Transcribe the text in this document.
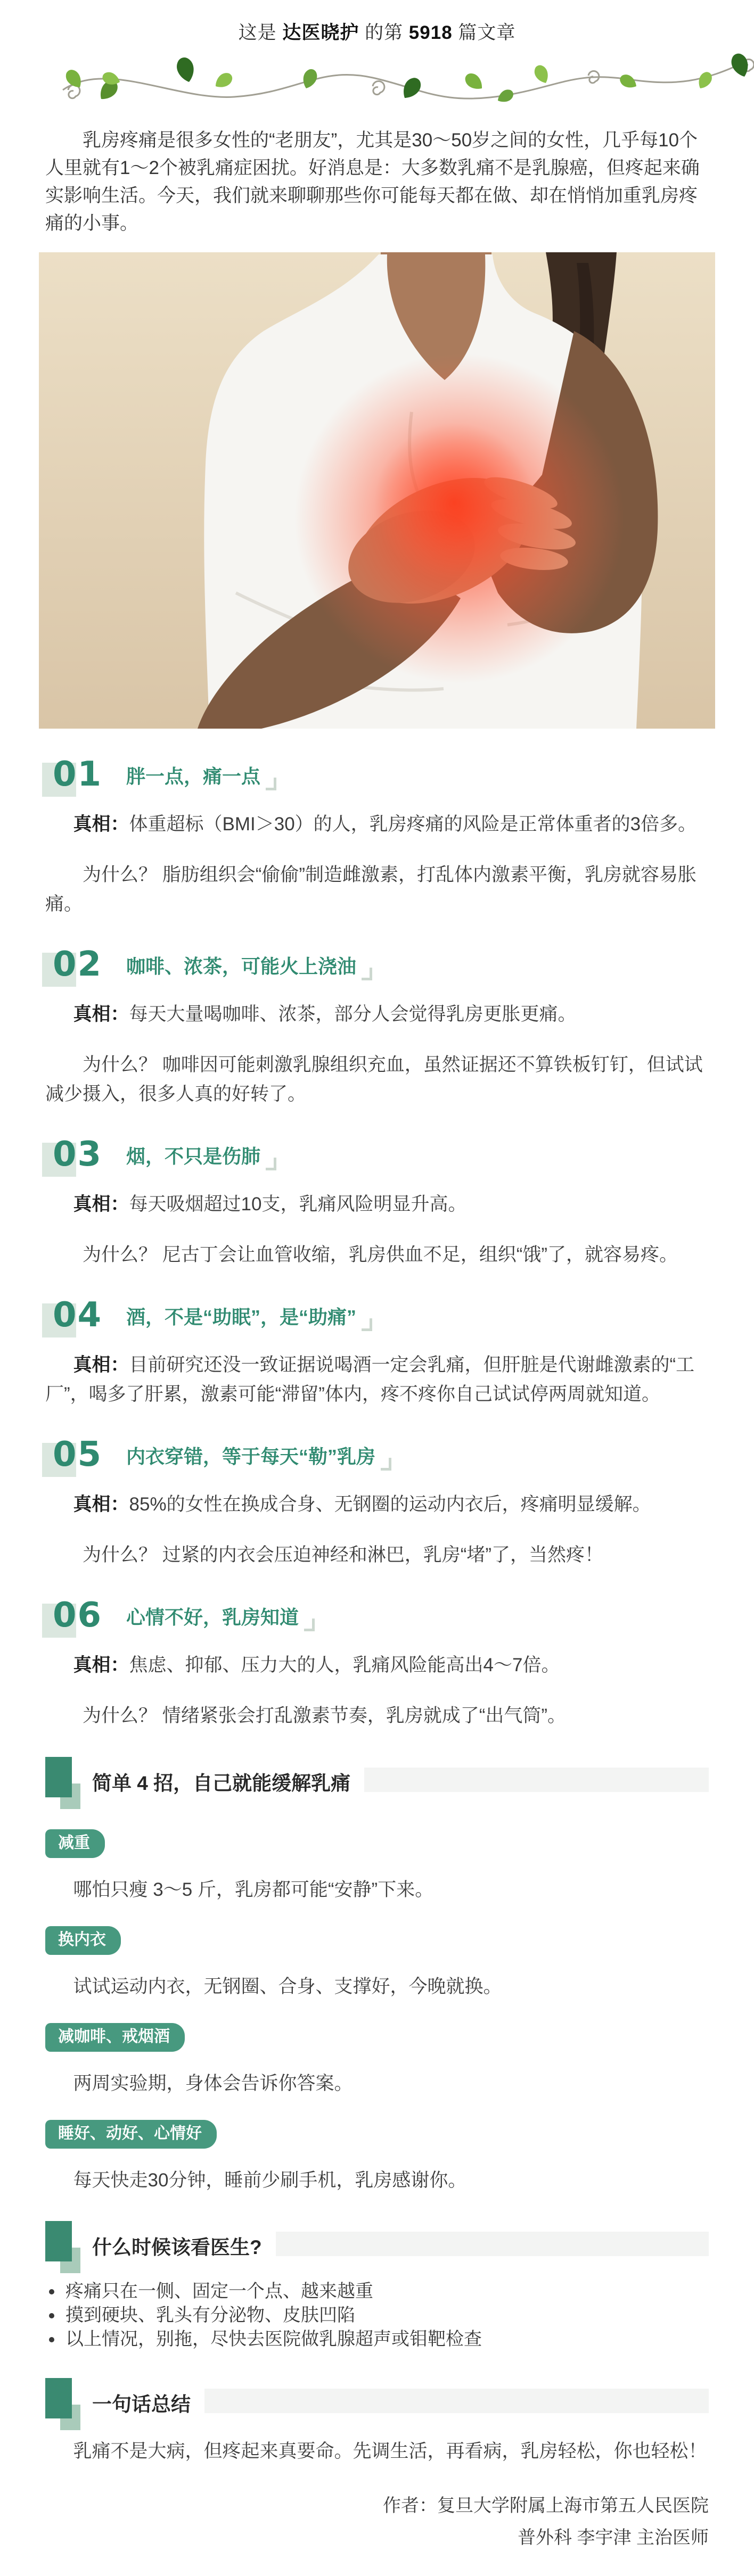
这是 达医晓护 的第 5918 篇文章

乳房疼痛是很多女性的“老朋友”，尤其是30～50岁之间的女性，几乎每10个人里就有1～2个被乳痛症困扰。好消息是：大多数乳痛不是乳腺癌，但疼起来确实影响生活。今天，我们就来聊聊那些你可能每天都在做、却在悄悄加重乳房疼痛的小事。

01 胖一点，痛一点

真相：体重超标（BMI＞30）的人，乳房疼痛的风险是正常体重者的3倍多。

为什么？ 脂肪组织会“偷偷”制造雌激素，打乱体内激素平衡，乳房就容易胀痛。

02 咖啡、浓茶，可能火上浇油

真相：每天大量喝咖啡、浓茶，部分人会觉得乳房更胀更痛。

为什么？ 咖啡因可能刺激乳腺组织充血，虽然证据还不算铁板钉钉，但试试减少摄入，很多人真的好转了。

03 烟，不只是伤肺

真相：每天吸烟超过10支，乳痛风险明显升高。

为什么？ 尼古丁会让血管收缩，乳房供血不足，组织“饿”了，就容易疼。

04 酒，不是“助眠”，是“助痛”

真相：目前研究还没一致证据说喝酒一定会乳痛，但肝脏是代谢雌激素的“工厂”，喝多了肝累，激素可能“滞留”体内，疼不疼你自己试试停两周就知道。

05 内衣穿错，等于每天“勒”乳房

真相：85%的女性在换成合身、无钢圈的运动内衣后，疼痛明显缓解。

为什么？ 过紧的内衣会压迫神经和淋巴，乳房“堵”了，当然疼！

06 心情不好，乳房知道

真相：焦虑、抑郁、压力大的人，乳痛风险能高出4～7倍。

为什么？ 情绪紧张会打乱激素节奏，乳房就成了“出气筒”。

简单 4 招，自己就能缓解乳痛
减重

哪怕只瘦 3～5 斤，乳房都可能“安静”下来。

换内衣

试试运动内衣，无钢圈、合身、支撑好，今晚就换。

减咖啡、戒烟酒

两周实验期，身体会告诉你答案。

睡好、动好、心情好

每天快走30分钟，睡前少刷手机，乳房感谢你。

什么时候该看医生?
• 疼痛只在一侧、固定一个点、越来越重
• 摸到硬块、乳头有分泌物、皮肤凹陷
• 以上情况，别拖，尽快去医院做乳腺超声或钼靶检查
一句话总结

乳痛不是大病，但疼起来真要命。先调生活，再看病，乳房轻松，你也轻松！

作者：复旦大学附属上海市第五人民医院
普外科 李宇津 主治医师
